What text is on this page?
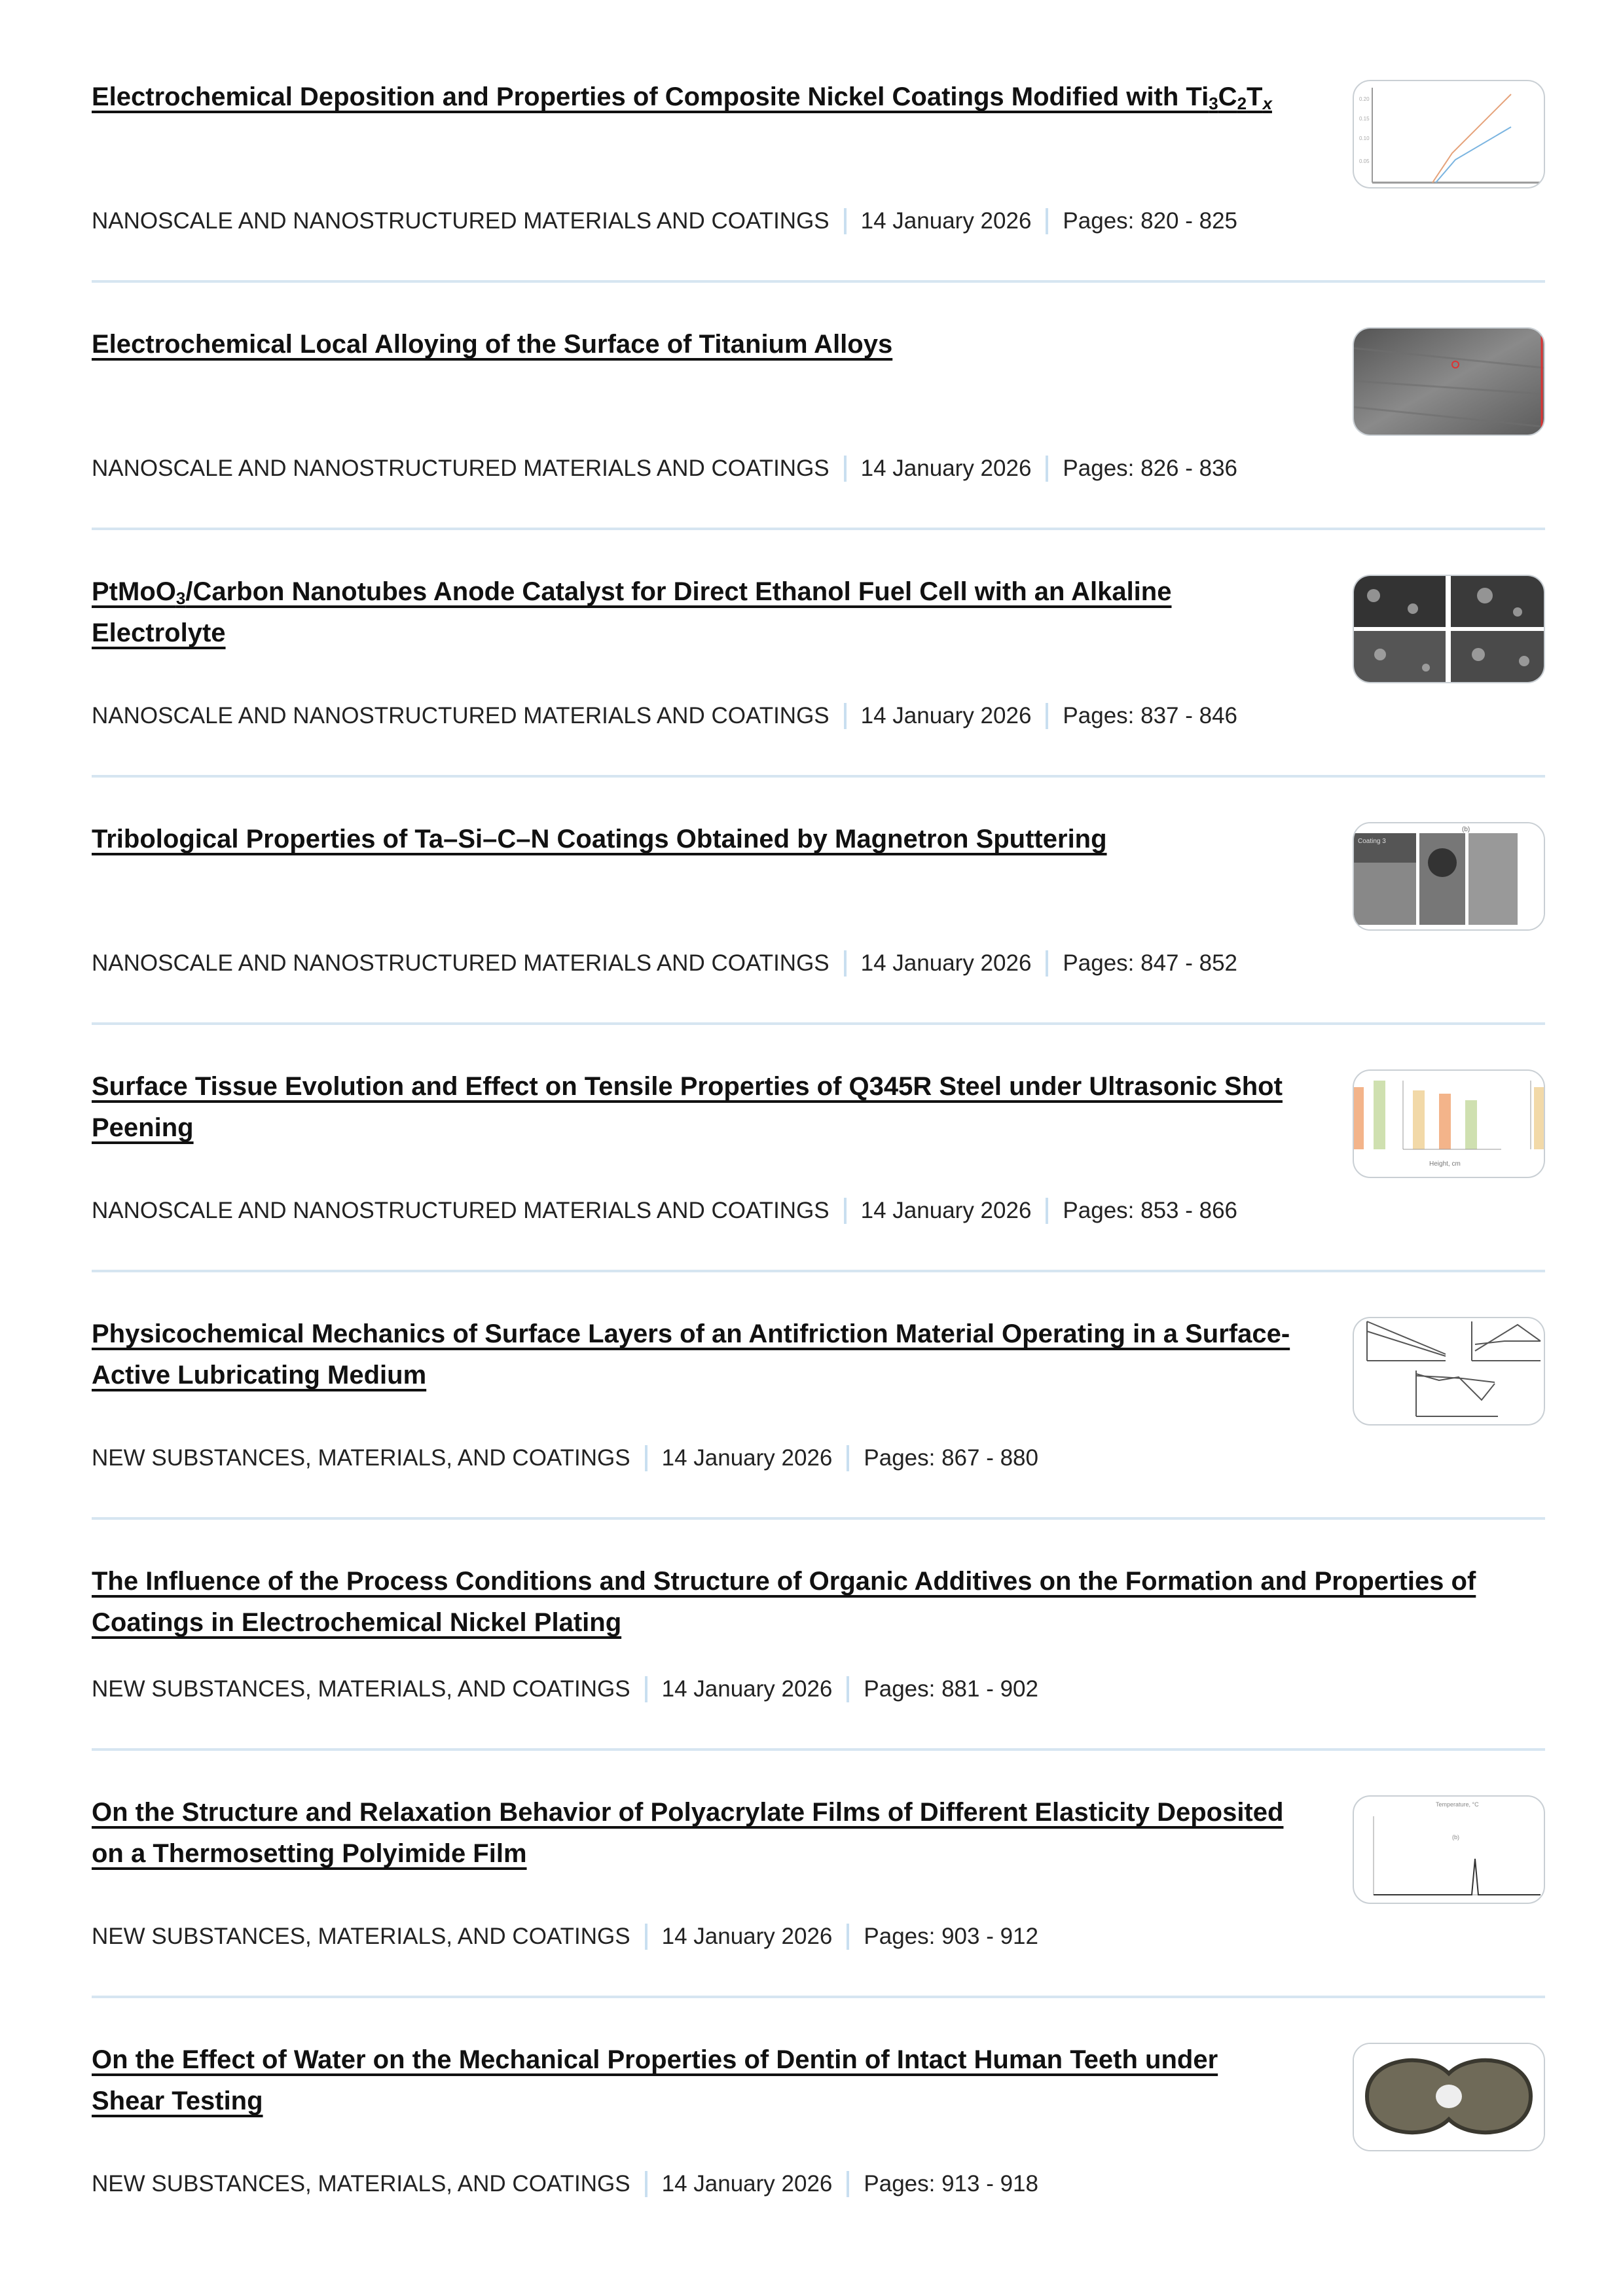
Electrochemical Deposition and Properties of Composite Nickel Coatings Modified with $Ti_3C_2T_x$	0.20
0.15
0.10
0.05
NANOSCALE AND NANOSTRUCTURED MATERIALS AND COATINGS 14 January 2026 Pages: 820 - 825
Electrochemical Local Alloying of the Surface of Titanium Alloys
NANOSCALE AND NANOSTRUCTURED MATERIALS AND COATINGS 14 January 2026 Pages: 826 - 836
PtMoO$_3$/Carbon Nanotubes Anode Catalyst for Direct Ethanol Fuel Cell with an Alkaline Electrolyte
NANOSCALE AND NANOSTRUCTURED MATERIALS AND COATINGS 14 January 2026 Pages: 837 - 846
Tribological Properties of Ta–Si–C–N Coatings Obtained by Magnetron Sputtering	(b)
Coating 3
NANOSCALE AND NANOSTRUCTURED MATERIALS AND COATINGS 14 January 2026 Pages: 847 - 852
Surface Tissue Evolution and Effect on Tensile Properties of Q345R Steel under Ultrasonic Shot Peening
Height, cm
NANOSCALE AND NANOSTRUCTURED MATERIALS AND COATINGS 14 January 2026 Pages: 853 - 866
Physicochemical Mechanics of Surface Layers of an Antifriction Material Operating in a Surface-Active Lubricating Medium
NEW SUBSTANCES, MATERIALS, AND COATINGS 14 January 2026 Pages: 867 - 880
The Influence of the Process Conditions and Structure of Organic Additives on the Formation and Properties of Coatings in Electrochemical Nickel Plating
NEW SUBSTANCES, MATERIALS, AND COATINGS 14 January 2026 Pages: 881 - 902
On the Structure and Relaxation Behavior of Polyacrylate Films of Different Elasticity Deposited on a Thermosetting Polyimide Film
Temperature, °C
(b)
NEW SUBSTANCES, MATERIALS, AND COATINGS 14 January 2026 Pages: 903 - 912
On the Effect of Water on the Mechanical Properties of Dentin of Intact Human Teeth under Shear Testing
NEW SUBSTANCES, MATERIALS, AND COATINGS 14 January 2026 Pages: 913 - 918
